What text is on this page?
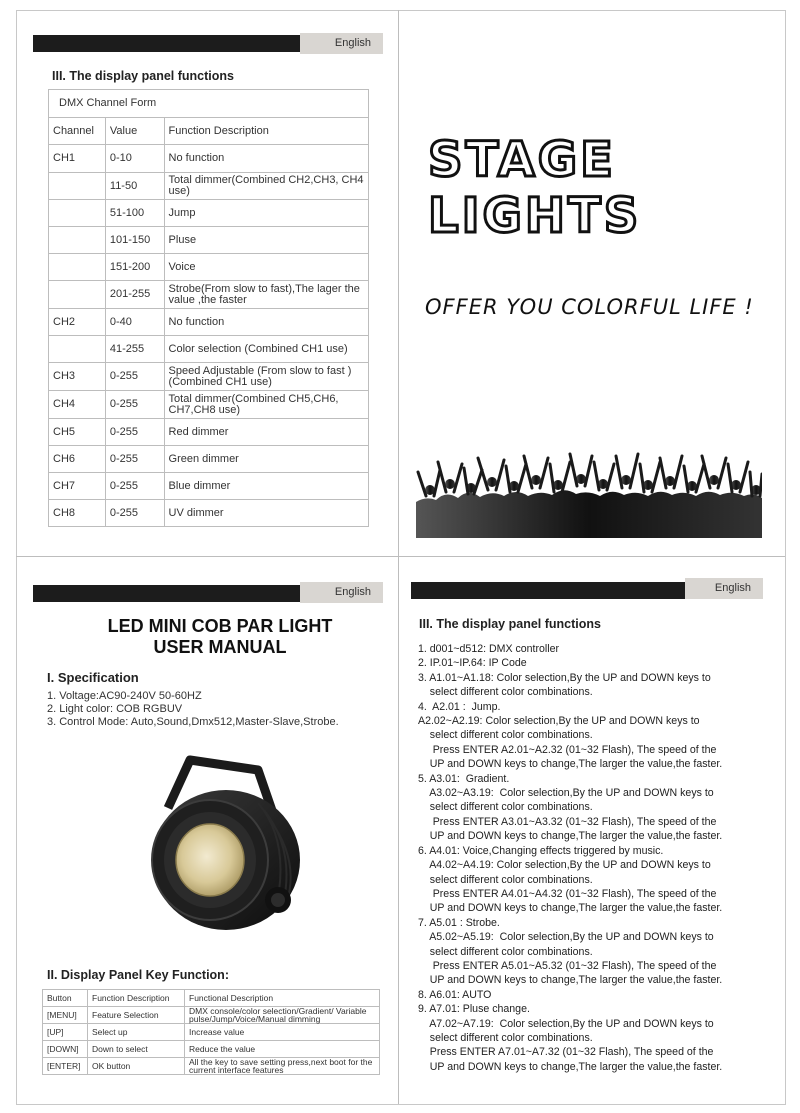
English
III. The display panel functions
DMX Channel Form		
Channel	Value	Function Description
CH1	0-10	No function
	11-50	Total dimmer(Combined CH2,CH3, CH4 use)
	51-100	Jump
	101-150	Pluse
	151-200	Voice
	201-255	Strobe(From slow to fast),The lager the value ,the faster
CH2	0-40	No function
	41-255	Color selection (Combined CH1 use)
CH3	0-255	Speed Adjustable (From slow to fast ) (Combined CH1 use)
CH4	0-255	Total dimmer(Combined CH5,CH6, CH7,CH8 use)
CH5	0-255	Red dimmer
CH6	0-255	Green dimmer
CH7	0-255	Blue dimmer
CH8	0-255	UV dimmer
STAGE LIGHTS
OFFER YOU COLORFUL LIFE !
English
LED MINI COB PAR LIGHT
USER MANUAL
I. Specification
1. Voltage:AC90-240V 50-60HZ
2. Light color: COB RGBUV
3. Control Mode: Auto,Sound,Dmx512,Master-Slave,Strobe.
II. Display Panel Key Function:
Button	Function Description	Functional Description
[MENU]	Feature Selection	DMX console/color selection/Gradient/ Variable pulse/Jump/Voice/Manual dimming
[UP]	Select up	Increase value
[DOWN]	Down to select	Reduce the value
[ENTER]	OK button	All the key to save setting press,next boot for the current interface features
English
III. The display panel functions
1. d001~d512: DMX controller
2. IP.01~IP.64: IP Code
3. A1.01~A1.18: Color selection,By the UP and DOWN keys to
select different color combinations.
4.  A2.01 :  Jump.
A2.02~A2.19: Color selection,By the UP and DOWN keys to
select different color combinations.
Press ENTER A2.01~A2.32 (01~32 Flash), The speed of the
UP and DOWN keys to change,The larger the value,the faster.
5. A3.01:  Gradient.
A3.02~A3.19:  Color selection,By the UP and DOWN keys to
select different color combinations.
Press ENTER A3.01~A3.32 (01~32 Flash), The speed of the
UP and DOWN keys to change,The larger the value,the faster.
6. A4.01: Voice,Changing effects triggered by music.
A4.02~A4.19: Color selection,By the UP and DOWN keys to
select different color combinations.
Press ENTER A4.01~A4.32 (01~32 Flash), The speed of the
UP and DOWN keys to change,The larger the value,the faster.
7. A5.01 : Strobe.
A5.02~A5.19:  Color selection,By the UP and DOWN keys to
select different color combinations.
Press ENTER A5.01~A5.32 (01~32 Flash), The speed of the
UP and DOWN keys to change,The larger the value,the faster.
8. A6.01: AUTO
9. A7.01: Pluse change.
A7.02~A7.19:  Color selection,By the UP and DOWN keys to
select different color combinations.
Press ENTER A7.01~A7.32 (01~32 Flash), The speed of the
UP and DOWN keys to change,The larger the value,the faster.
